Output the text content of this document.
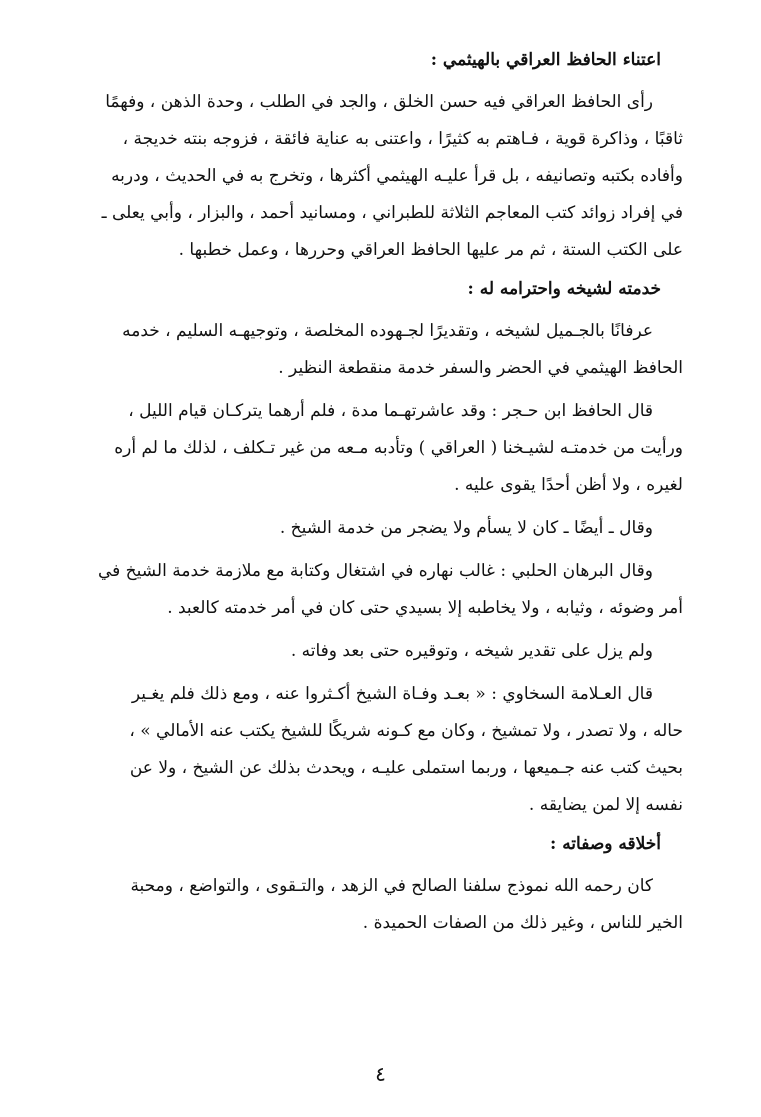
اعتناء الحافظ العراقي بالهيثمي :
رأى الحافظ العراقي فيه حسن الخلق ، والجد في الطلب ، وحدة الذهن ، وفهمًا
ثاقبًا ، وذاكرة قوية ، فـاهتم به كثيرًا ، واعتنى به عناية فائقة ، فزوجه بنته خديجة ،
وأفاده بكتبه وتصانيفه ، بل قرأ عليـه الهيثمي أكثرها ، وتخرج به في الحديث ، ودربه
في إفراد زوائد كتب المعاجم الثلاثة للطبراني ، ومسانيد أحمد ، والبزار ، وأبي يعلى ـ
على الكتب الستة ، ثم مر عليها الحافظ العراقي وحررها ، وعمل خطبها .
خدمته لشيخه واحترامه له :
عرفانًا بالجـميل لشيخه ، وتقديرًا لجـهوده المخلصة ، وتوجيهـه السليم ، خدمه
الحافظ الهيثمي في الحضر والسفر خدمة منقطعة النظير .
قال الحافظ ابن حـجر : وقد عاشرتهـما مدة ، فلم أرهما يتركـان قيام الليل ،
ورأيت من خدمتـه لشيـخنا ( العراقي ) وتأدبه مـعه من غير تـكلف ، لذلك ما لم أره
لغيره ، ولا أظن أحدًا يقوى عليه .
وقال ـ أيضًا ـ كان لا يسأم ولا يضجر من خدمة الشيخ .
وقال البرهان الحلبي : غالب نهاره في اشتغال وكتابة مع ملازمة خدمة الشيخ في
أمر وضوئه ، وثيابه ، ولا يخاطبه إلا بسيدي حتى كان في أمر خدمته كالعبد .
ولم يزل على تقدير شيخه ، وتوقيره حتى بعد وفاته .
قال العـلامة السخاوي : « بعـد وفـاة الشيخ أكـثروا عنه ، ومع ذلك فلم يغـير
حاله ، ولا تصدر ، ولا تمشيخ ، وكان مع كـونه شريكًا للشيخ يكتب عنه الأمالي » ،
بحيث كتب عنه جـميعها ، وربما استملى عليـه ، ويحدث بذلك عن الشيخ ، ولا عن
نفسه إلا لمن يضايقه .
أخلاقه وصفاته :
كان رحمه الله نموذج سلفنا الصالح في الزهد ، والتـقوى ، والتواضع ، ومحبة
الخير للناس ، وغير ذلك من الصفات الحميدة .
٤
